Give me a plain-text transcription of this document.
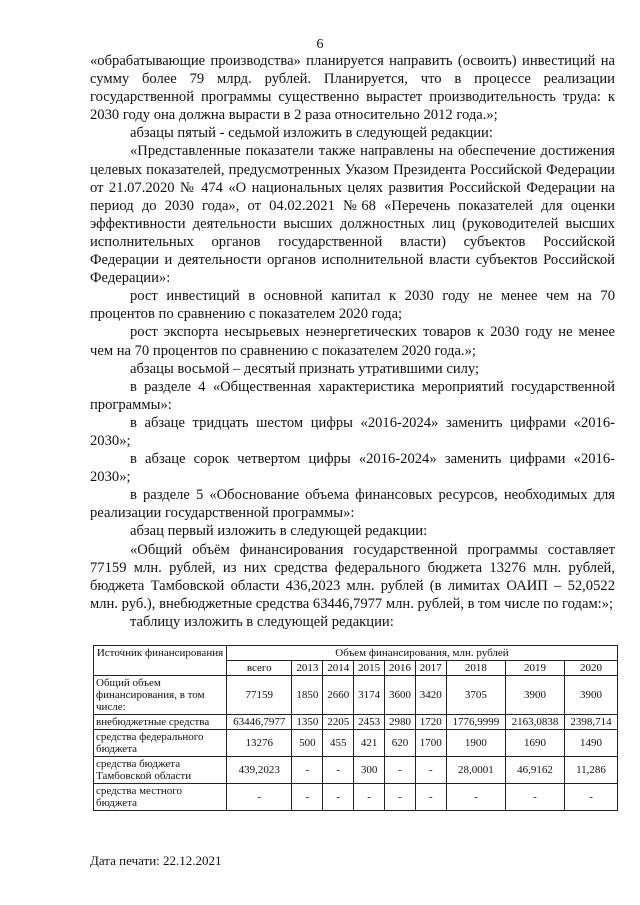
6

«обрабатывающие производства» планируется направить (освоить) инвестиций на сумму более 79 млрд. рублей. Планируется, что в процессе реализации государственной программы существенно вырастет производительность труда: к 2030 году она должна вырасти в 2 раза относительно 2012 года.»;

абзацы пятый - седьмой изложить в следующей редакции:

«Представленные показатели также направлены на обеспечение достижения целевых показателей, предусмотренных Указом Президента Российской Федерации от 21.07.2020 № 474 «О национальных целях развития Российской Федерации на период до 2030 года», от 04.02.2021 №68 «Перечень показателей для оценки эффективности деятельности высших должностных лиц (руководителей высших исполнительных органов государственной власти) субъектов Российской Федерации и деятельности органов исполнительной власти субъектов Российской Федерации»:

рост инвестиций в основной капитал к 2030 году не менее чем на 70 процентов по сравнению с показателем 2020 года;

рост экспорта несырьевых неэнергетических товаров к 2030 году не менее чем на 70 процентов по сравнению с показателем 2020 года.»;

абзацы восьмой – десятый признать утратившими силу;

в разделе 4 «Общественная характеристика мероприятий государственной программы»:

в абзаце тридцать шестом цифры «2016-2024» заменить цифрами «2016-2030»;

в абзаце сорок четвертом цифры «2016-2024» заменить цифрами «2016-2030»;

в разделе 5 «Обоснование объема финансовых ресурсов, необходимых для реализации государственной программы»:

абзац первый изложить в следующей редакции:

«Общий объём финансирования государственной программы составляет 77159 млн. рублей, из них средства федерального бюджета 13276 млн. рублей, бюджета Тамбовской области 436,2023 млн. рублей (в лимитах ОАИП – 52,0522 млн. руб.), внебюджетные средства 63446,7977 млн. рублей, в том числе по годам:»;

таблицу изложить в следующей редакции:

Источник финансирования	Объем финансирования, млн. рублей								
	всего	2013	2014	2015	2016	2017	2018	2019	2020
Общий объем финансирования, в том числе:	77159	1850	2660	3174	3600	3420	3705	3900	3900
внебюджетные средства	63446,7977	1350	2205	2453	2980	1720	1776,9999	2163,0838	2398,714
средства федерального бюджета	13276	500	455	421	620	1700	1900	1690	1490
средства бюджета Тамбовской области	439,2023	-	-	300	-	-	28,0001	46,9162	11,286
средства местного бюджета	-	-	-	-	-	-	-	-	-
Дата печати: 22.12.2021
